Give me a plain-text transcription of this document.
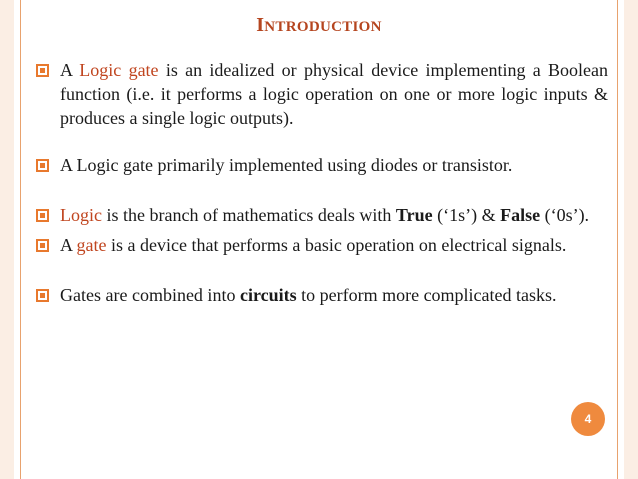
INTRODUCTION
A Logic gate is an idealized or physical device implementing a Boolean function (i.e. it performs a logic operation on one or more logic inputs & produces a single logic outputs).
A Logic gate primarily implemented using diodes or transistor.
Logic is the branch of mathematics deals with True (‘1s’) & False (‘0s’).
A gate is a device that performs a basic operation on electrical signals.
Gates are combined into circuits to perform more complicated tasks.
4
